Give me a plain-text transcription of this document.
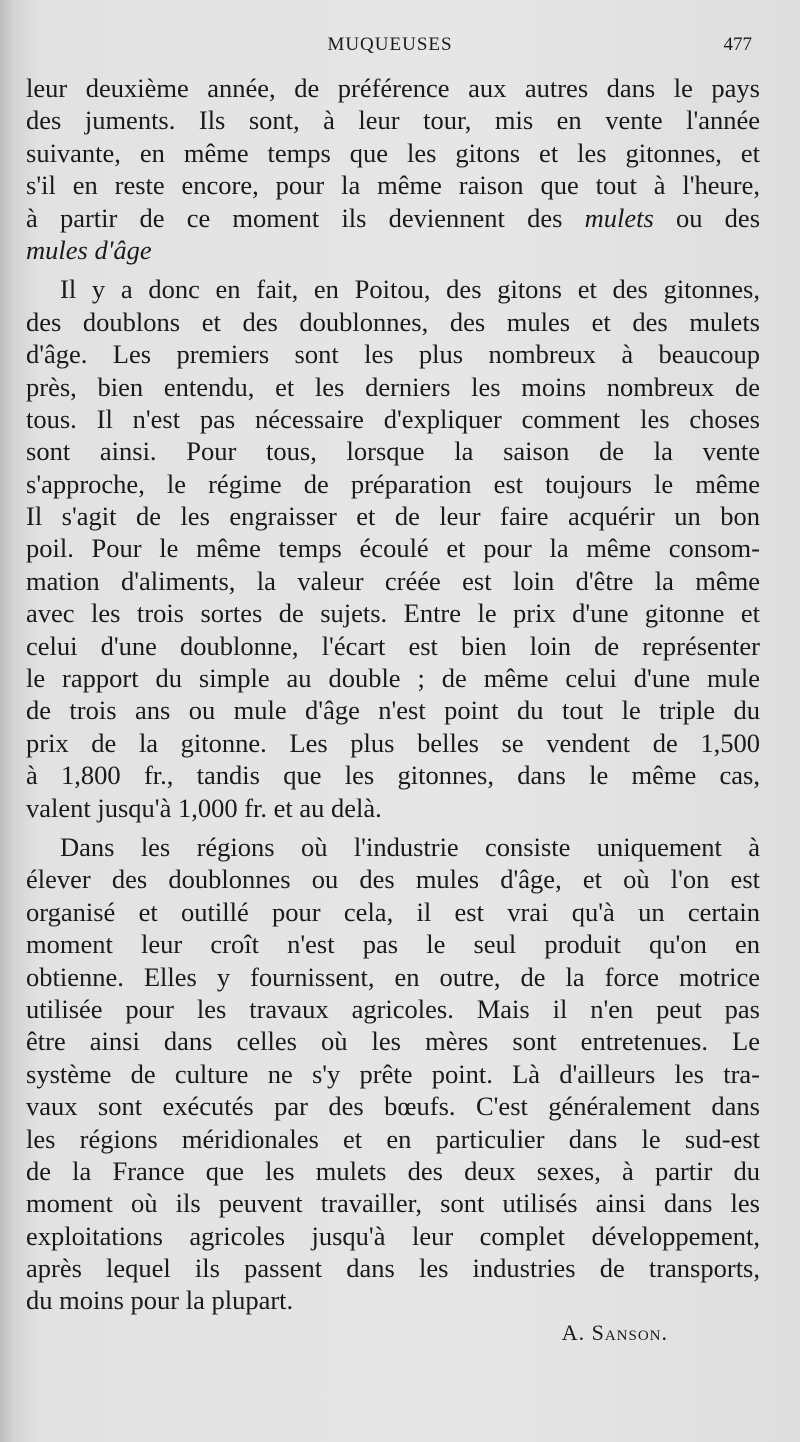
MUQUEUSES	477
leur deuxième année, de préférence aux autres dans le pays
des juments. Ils sont, à leur tour, mis en vente l'année
suivante, en même temps que les gitons et les gitonnes, et
s'il en reste encore, pour la même raison que tout à l'heure,
à partir de ce moment ils deviennent des mulets ou des
mules d'âge
Il y a donc en fait, en Poitou, des gitons et des gitonnes,
des doublons et des doublonnes, des mules et des mulets
d'âge. Les premiers sont les plus nombreux à beaucoup
près, bien entendu, et les derniers les moins nombreux de
tous. Il n'est pas nécessaire d'expliquer comment les choses
sont ainsi. Pour tous, lorsque la saison de la vente
s'approche, le régime de préparation est toujours le même
Il s'agit de les engraisser et de leur faire acquérir un bon
poil. Pour le même temps écoulé et pour la même consom-
mation d'aliments, la valeur créée est loin d'être la même
avec les trois sortes de sujets. Entre le prix d'une gitonne et
celui d'une doublonne, l'écart est bien loin de représenter
le rapport du simple au double ; de même celui d'une mule
de trois ans ou mule d'âge n'est point du tout le triple du
prix de la gitonne. Les plus belles se vendent de 1,500
à 1,800 fr., tandis que les gitonnes, dans le même cas,
valent jusqu'à 1,000 fr. et au delà.
Dans les régions où l'industrie consiste uniquement à
élever des doublonnes ou des mules d'âge, et où l'on est
organisé et outillé pour cela, il est vrai qu'à un certain
moment leur croît n'est pas le seul produit qu'on en
obtienne. Elles y fournissent, en outre, de la force motrice
utilisée pour les travaux agricoles. Mais il n'en peut pas
être ainsi dans celles où les mères sont entretenues. Le
système de culture ne s'y prête point. Là d'ailleurs les tra-
vaux sont exécutés par des bœufs. C'est généralement dans
les régions méridionales et en particulier dans le sud-est
de la France que les mulets des deux sexes, à partir du
moment où ils peuvent travailler, sont utilisés ainsi dans les
exploitations agricoles jusqu'à leur complet développement,
après lequel ils passent dans les industries de transports,
du moins pour la plupart.
A. Sanson.
